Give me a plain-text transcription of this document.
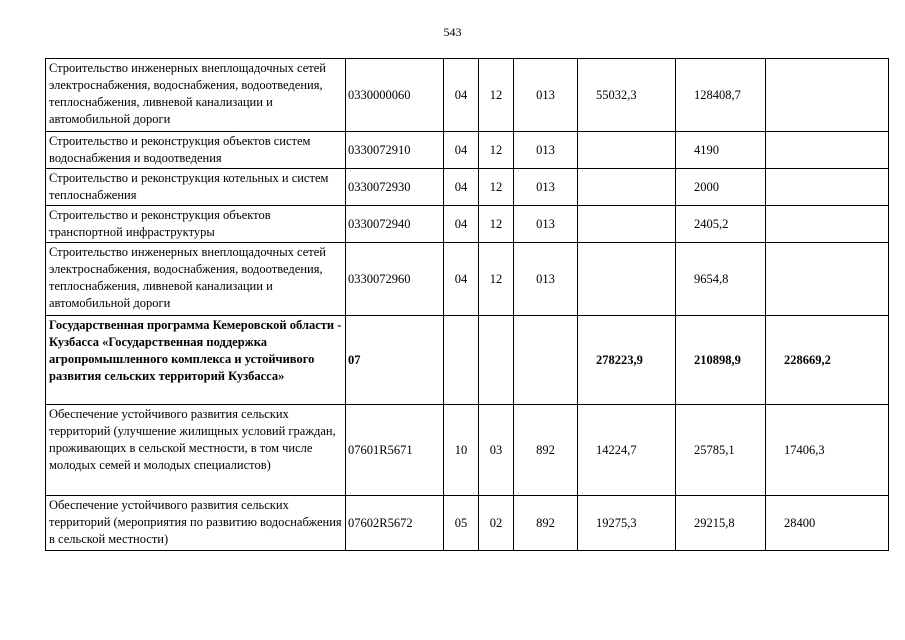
543
Строительство инженерных внеплощадочных сетей электроснабжения, водоснабжения, водоотведения, теплоснабжения, ливневой канализации и автомобильной дороги	0330000060	04	12	013	55032,3	128408,7	
Строительство и реконструкция объектов систем водоснабжения и водоотведения	0330072910	04	12	013		4190	
Строительство и реконструкция котельных и систем теплоснабжения	0330072930	04	12	013		2000	
Строительство и реконструкция объектов транспортной инфраструктуры	0330072940	04	12	013		2405,2	
Строительство инженерных внеплощадочных сетей электроснабжения, водоснабжения, водоотведения, теплоснабжения, ливневой канализации и автомобильной дороги	0330072960	04	12	013		9654,8	
Государственная программа Кемеровской области - Кузбасса «Государственная поддержка агропромышленного комплекса и устойчивого развития сельских территорий Кузбасса»	07				278223,9	210898,9	228669,2
Обеспечение устойчивого развития сельских территорий (улучшение жилищных условий граждан, проживающих в сельской местности, в том числе молодых семей и молодых специалистов)	07601R5671	10	03	892	14224,7	25785,1	17406,3
Обеспечение устойчивого развития сельских территорий (мероприятия по развитию водоснабжения в сельской местности)	07602R5672	05	02	892	19275,3	29215,8	28400
